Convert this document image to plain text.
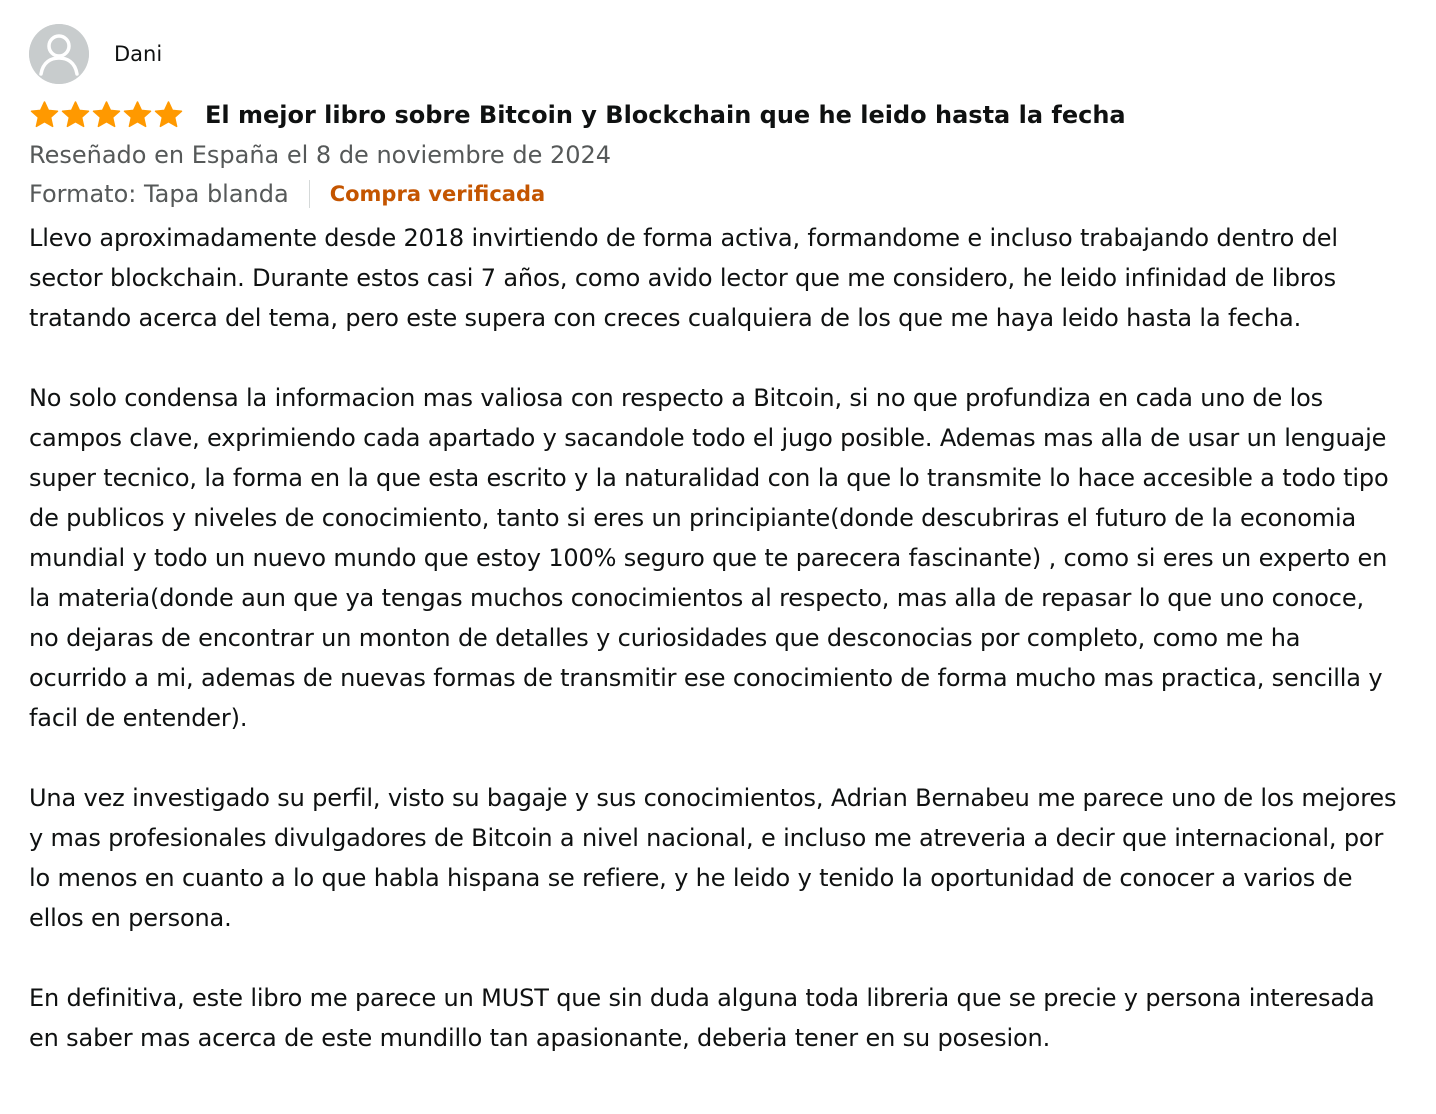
Dani
El mejor libro sobre Bitcoin y Blockchain que he leido hasta la fecha
Reseñado en España el 8 de noviembre de 2024
Formato: Tapa blanda Compra verificada

Llevo aproximadamente desde 2018 invirtiendo de forma activa, formandome e incluso trabajando dentro del sector blockchain. Durante estos casi 7 años, como avido lector que me considero, he leido infinidad de libros tratando acerca del tema, pero este supera con creces cualquiera de los que me haya leido hasta la fecha.

No solo condensa la informacion mas valiosa con respecto a Bitcoin, si no que profundiza en cada uno de los campos clave, exprimiendo cada apartado y sacandole todo el jugo posible. Ademas mas alla de usar un lenguaje super tecnico, la forma en la que esta escrito y la naturalidad con la que lo transmite lo hace accesible a todo tipo de publicos y niveles de conocimiento, tanto si eres un principiante(donde descubriras el futuro de la economia mundial y todo un nuevo mundo que estoy 100% seguro que te parecera fascinante) , como si eres un experto en la materia(donde aun que ya tengas muchos conocimientos al respecto, mas alla de repasar lo que uno conoce, no dejaras de encontrar un monton de detalles y curiosidades que desconocias por completo, como me ha ocurrido a mi, ademas de nuevas formas de transmitir ese conocimiento de forma mucho mas practica, sencilla y facil de entender).

Una vez investigado su perfil, visto su bagaje y sus conocimientos, Adrian Bernabeu me parece uno de los mejores y mas profesionales divulgadores de Bitcoin a nivel nacional, e incluso me atreveria a decir que internacional, por lo menos en cuanto a lo que habla hispana se refiere, y he leido y tenido la oportunidad de conocer a varios de ellos en persona.

En definitiva, este libro me parece un MUST que sin duda alguna toda libreria que se precie y persona interesada en saber mas acerca de este mundillo tan apasionante, deberia tener en su posesion.
